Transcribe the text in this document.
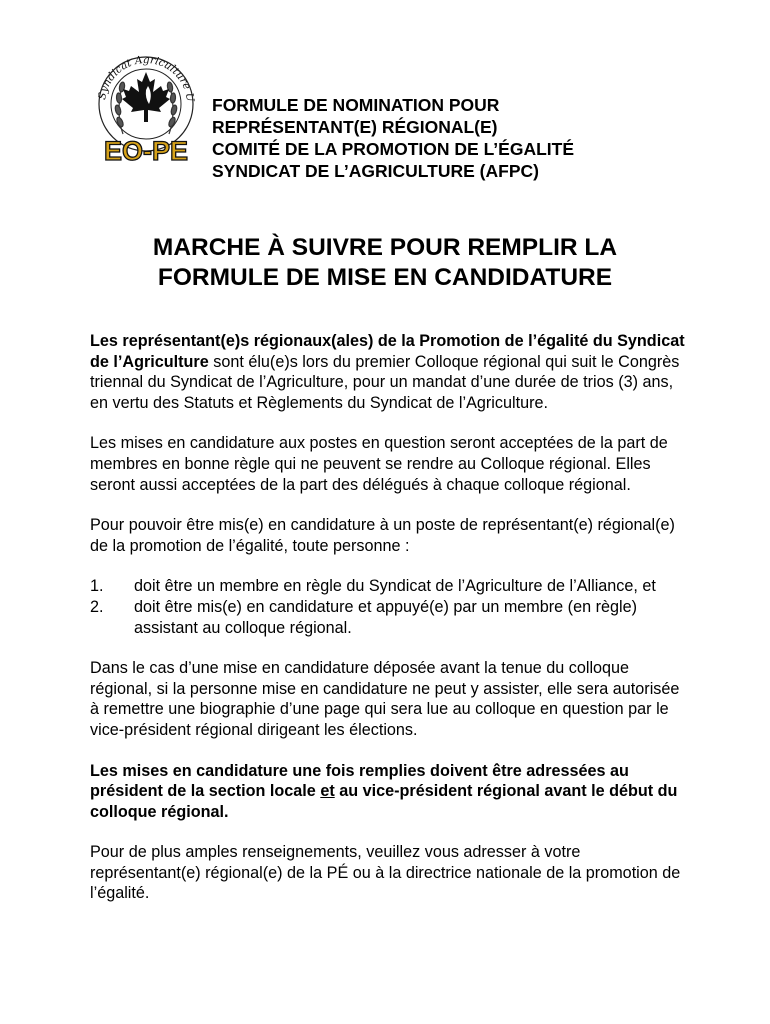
Syndicat Agriculture U
EO-PE
FORMULE DE NOMINATION POUR
REPRÉSENTANT(E) RÉGIONAL(E)
COMITÉ DE LA PROMOTION DE L’ÉGALITÉ
SYNDICAT DE L’AGRICULTURE (AFPC)
MARCHE À SUIVRE POUR REMPLIR LA
FORMULE DE MISE EN CANDIDATURE

Les représentant(e)s régionaux(ales) de la Promotion de l’égalité du Syndicat de l’Agriculture sont élu(e)s lors du premier Colloque régional qui suit le Congrès triennal du Syndicat de l’Agriculture, pour un mandat d’une durée de trios (3) ans, en vertu des Statuts et Règlements du Syndicat de l’Agriculture.

Les mises en candidature aux postes en question seront acceptées de la part de membres en bonne règle qui ne peuvent se rendre au Colloque régional. Elles seront aussi acceptées de la part des délégués à chaque colloque régional.

Pour pouvoir être mis(e) en candidature à un poste de représentant(e) régional(e) de la promotion de l’égalité, toute personne :

1.	doit être un membre en règle du Syndicat de l’Agriculture de l’Alliance, et
2.	doit être mis(e) en candidature et appuyé(e) par un membre (en règle) assistant au colloque régional.

Dans le cas d’une mise en candidature déposée avant la tenue du colloque régional, si la personne mise en candidature ne peut y assister, elle sera autorisée à remettre une biographie d’une page qui sera lue au colloque en question par le vice-président régional dirigeant les élections.

Les mises en candidature une fois remplies doivent être adressées au président de la section locale et au vice-président régional avant le début du colloque régional.

Pour de plus amples renseignements, veuillez vous adresser à votre représentant(e) régional(e) de la PÉ ou à la directrice nationale de la promotion de l’égalité.
